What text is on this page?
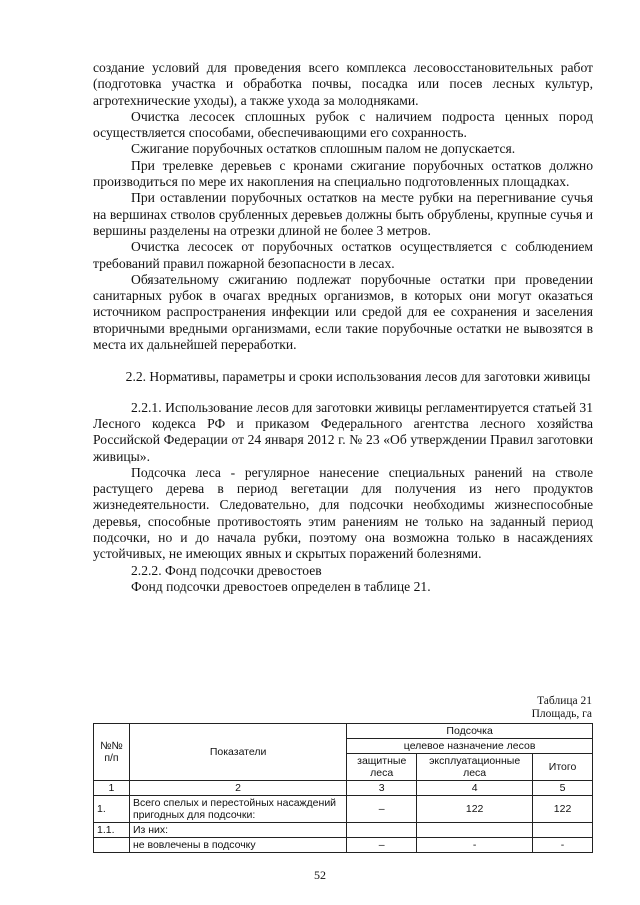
создание условий для проведения всего комплекса лесовосстановительных работ (подготовка участка и обработка почвы, посадка или посев лесных культур, агротехнические уходы), а также ухода за молодняками.

Очистка лесосек сплошных рубок с наличием подроста ценных пород осуществляется способами, обеспечивающими его сохранность.

Сжигание порубочных остатков сплошным палом не допускается.

При трелевке деревьев с кронами сжигание порубочных остатков должно производиться по мере их накопления на специально подготовленных площадках.

При оставлении порубочных остатков на месте рубки на перегнивание сучья на вершинах стволов срубленных деревьев должны быть обрублены, крупные сучья и вершины разделены на отрезки длиной не более 3 метров.

Очистка лесосек от порубочных остатков осуществляется с соблюдением требований правил пожарной безопасности в лесах.

Обязательному сжиганию подлежат порубочные остатки при проведении санитарных рубок в очагах вредных организмов, в которых они могут оказаться источником распространения инфекции или средой для ее сохранения и заселения вторичными вредными организмами, если такие порубочные остатки не вывозятся в места их дальнейшей переработки.

2.2. Нормативы, параметры и сроки использования лесов для заготовки живицы

2.2.1. Использование лесов для заготовки живицы регламентируется статьей 31 Лесного кодекса РФ и приказом Федерального агентства лесного хозяйства Российской Федерации от 24 января 2012 г. № 23 «Об утверждении Правил заготовки живицы».

Подсочка леса - регулярное нанесение специальных ранений на стволе растущего дерева в период вегетации для получения из него продуктов жизнедеятельности. Следовательно, для подсочки необходимы жизнеспособные деревья, способные противостоять этим ранениям не только на заданный период подсочки, но и до начала рубки, поэтому она возможна только в насаждениях устойчивых, не имеющих явных и скрытых поражений болезнями.

2.2.2. Фонд подсочки древостоев

Фонд подсочки древостоев определен в таблице 21.

Таблица 21
Площадь, га
№№ п/п	Показатели	Подсочка		
		целевое назначение лесов		
		защитные леса	эксплуатационные леса	Итого
1	2	3	4	5
1.	Всего спелых и перестойных насаждений пригодных для подсочки:	–	122	122
1.1.	Из них:			
	не вовлечены в подсочку	–	-	-
52
